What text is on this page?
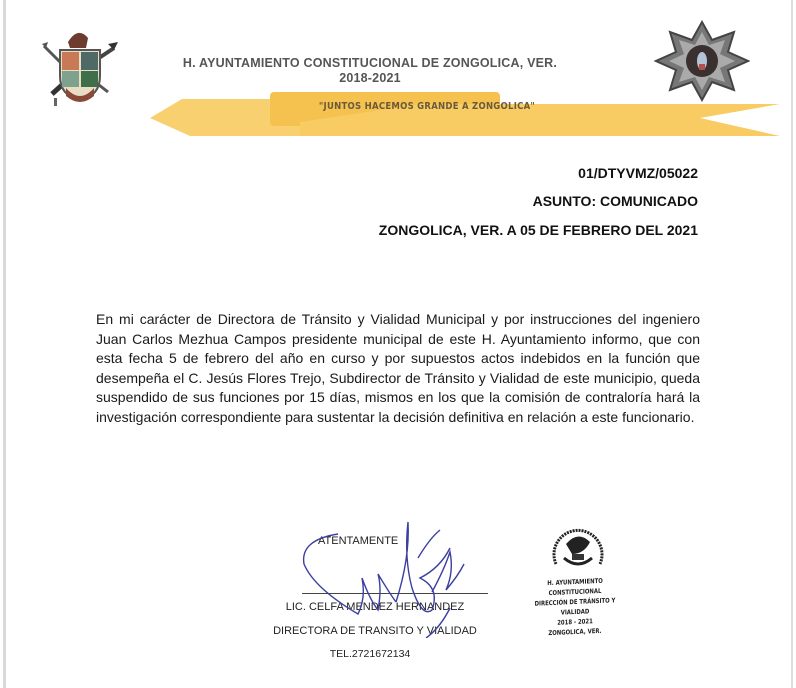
H. AYUNTAMIENTO CONSTITUCIONAL DE ZONGOLICA, VER.
2018-2021
"JUNTOS HACEMOS GRANDE A ZONGOLICA"
01/DTYVMZ/05022
ASUNTO: COMUNICADO
ZONGOLICA, VER. A 05 DE FEBRERO DEL 2021
En mi carácter de Directora de Tránsito y Vialidad Municipal y por instrucciones del ingeniero Juan Carlos Mezhua Campos presidente municipal de este H. Ayuntamiento informo, que con esta fecha 5 de febrero del año en curso y por supuestos actos indebidos en la función que desempeña el C. Jesús Flores Trejo, Subdirector de Tránsito y Vialidad de este municipio, queda suspendido de sus funciones por 15 días, mismos en los que la comisión de contraloría hará la investigación correspondiente para sustentar la decisión definitiva en relación a este funcionario.
ATENTAMENTE
LIC. CELFA MENDEZ HERNANDEZ
DIRECTORA DE TRANSITO Y VIALIDAD
TEL.2721672134
H. AYUNTAMIENTO CONSTITUCIONAL
DIRECCIÓN DE TRÁNSITO Y VIALIDAD
2018 - 2021
ZONGOLICA, VER.
